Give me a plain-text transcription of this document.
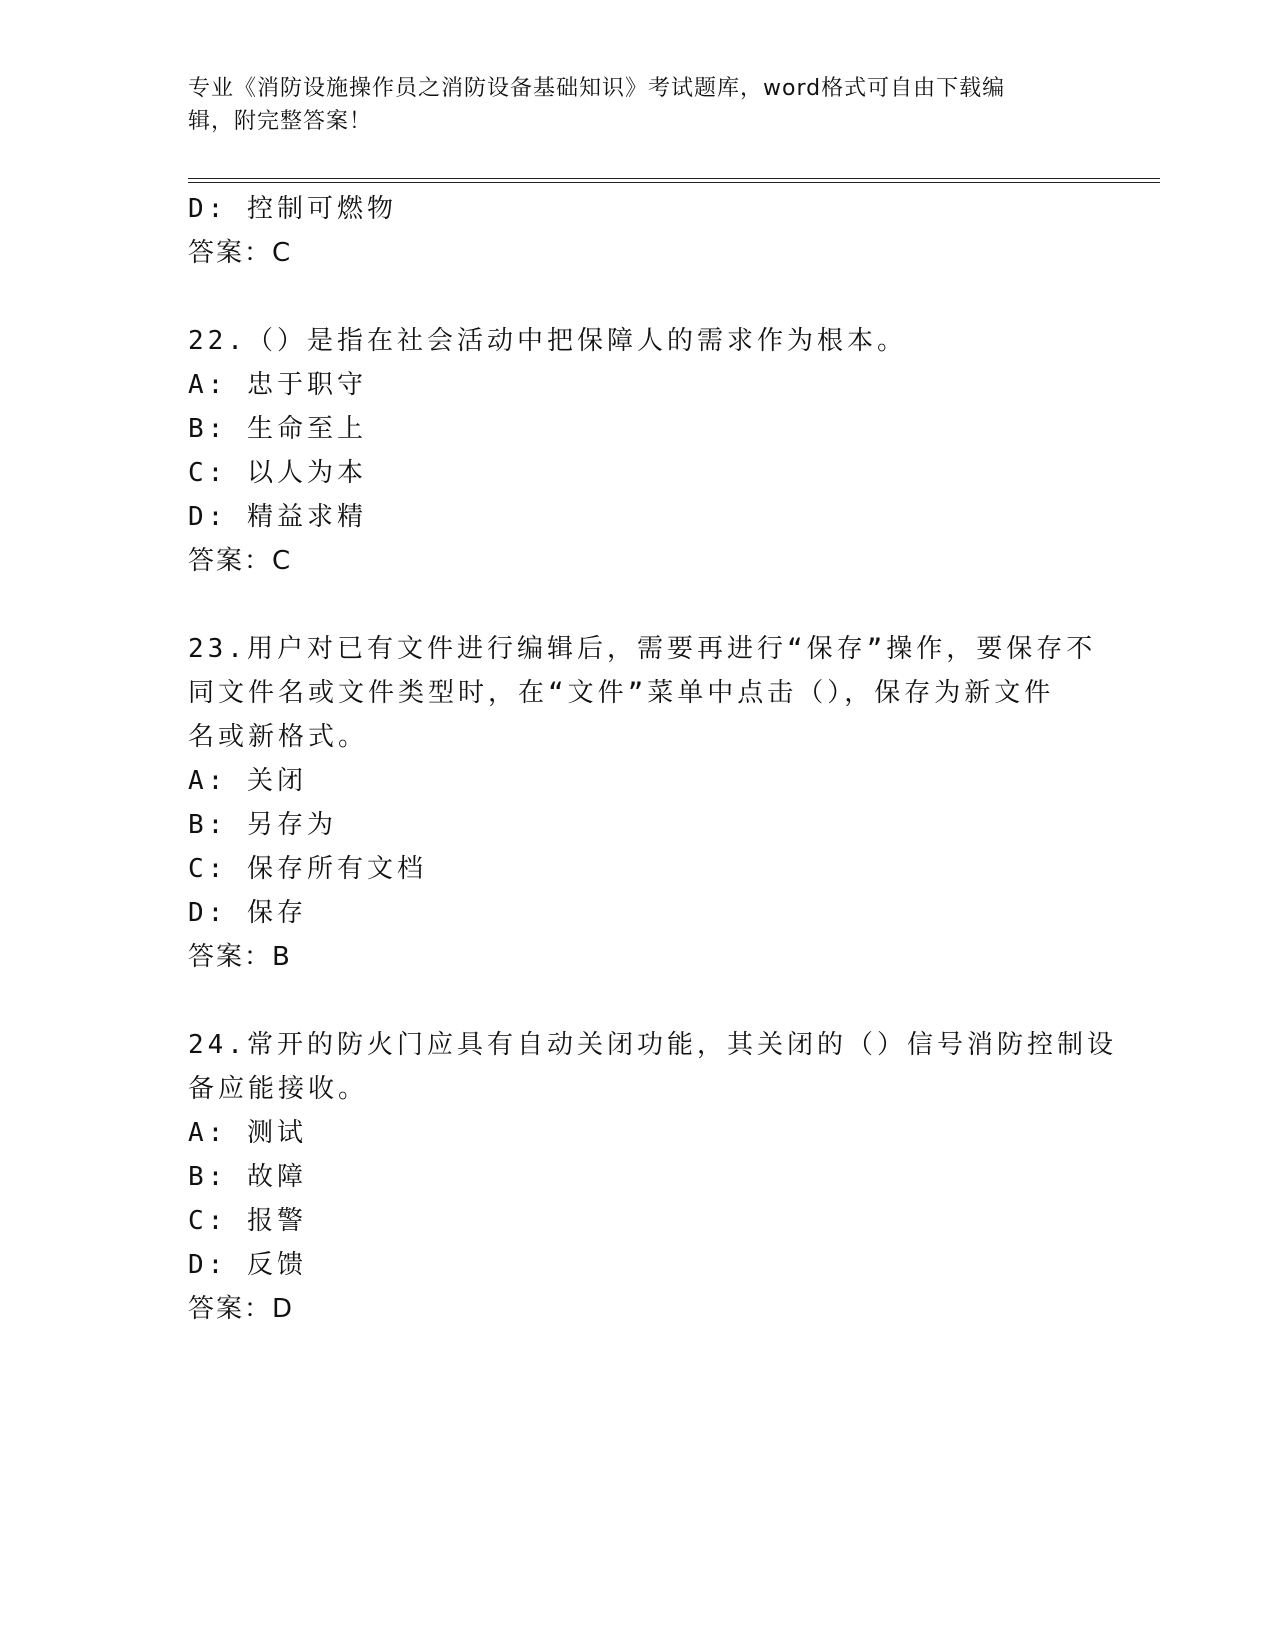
专业《消防设施操作员之消防设备基础知识》考试题库，word格式可自由下载编
辑，附完整答案！
D: 控制可燃物
答案：C
22.（）是指在社会活动中把保障人的需求作为根本。
A: 忠于职守
B: 生命至上
C: 以人为本
D: 精益求精
答案：C
23.用户对已有文件进行编辑后，需要再进行“保存”操作，要保存不
同文件名或文件类型时，在“文件”菜单中点击（），保存为新文件
名或新格式。
A: 关闭
B: 另存为
C: 保存所有文档
D: 保存
答案：B
24.常开的防火门应具有自动关闭功能，其关闭的（）信号消防控制设
备应能接收。
A: 测试
B: 故障
C: 报警
D: 反馈
答案：D
